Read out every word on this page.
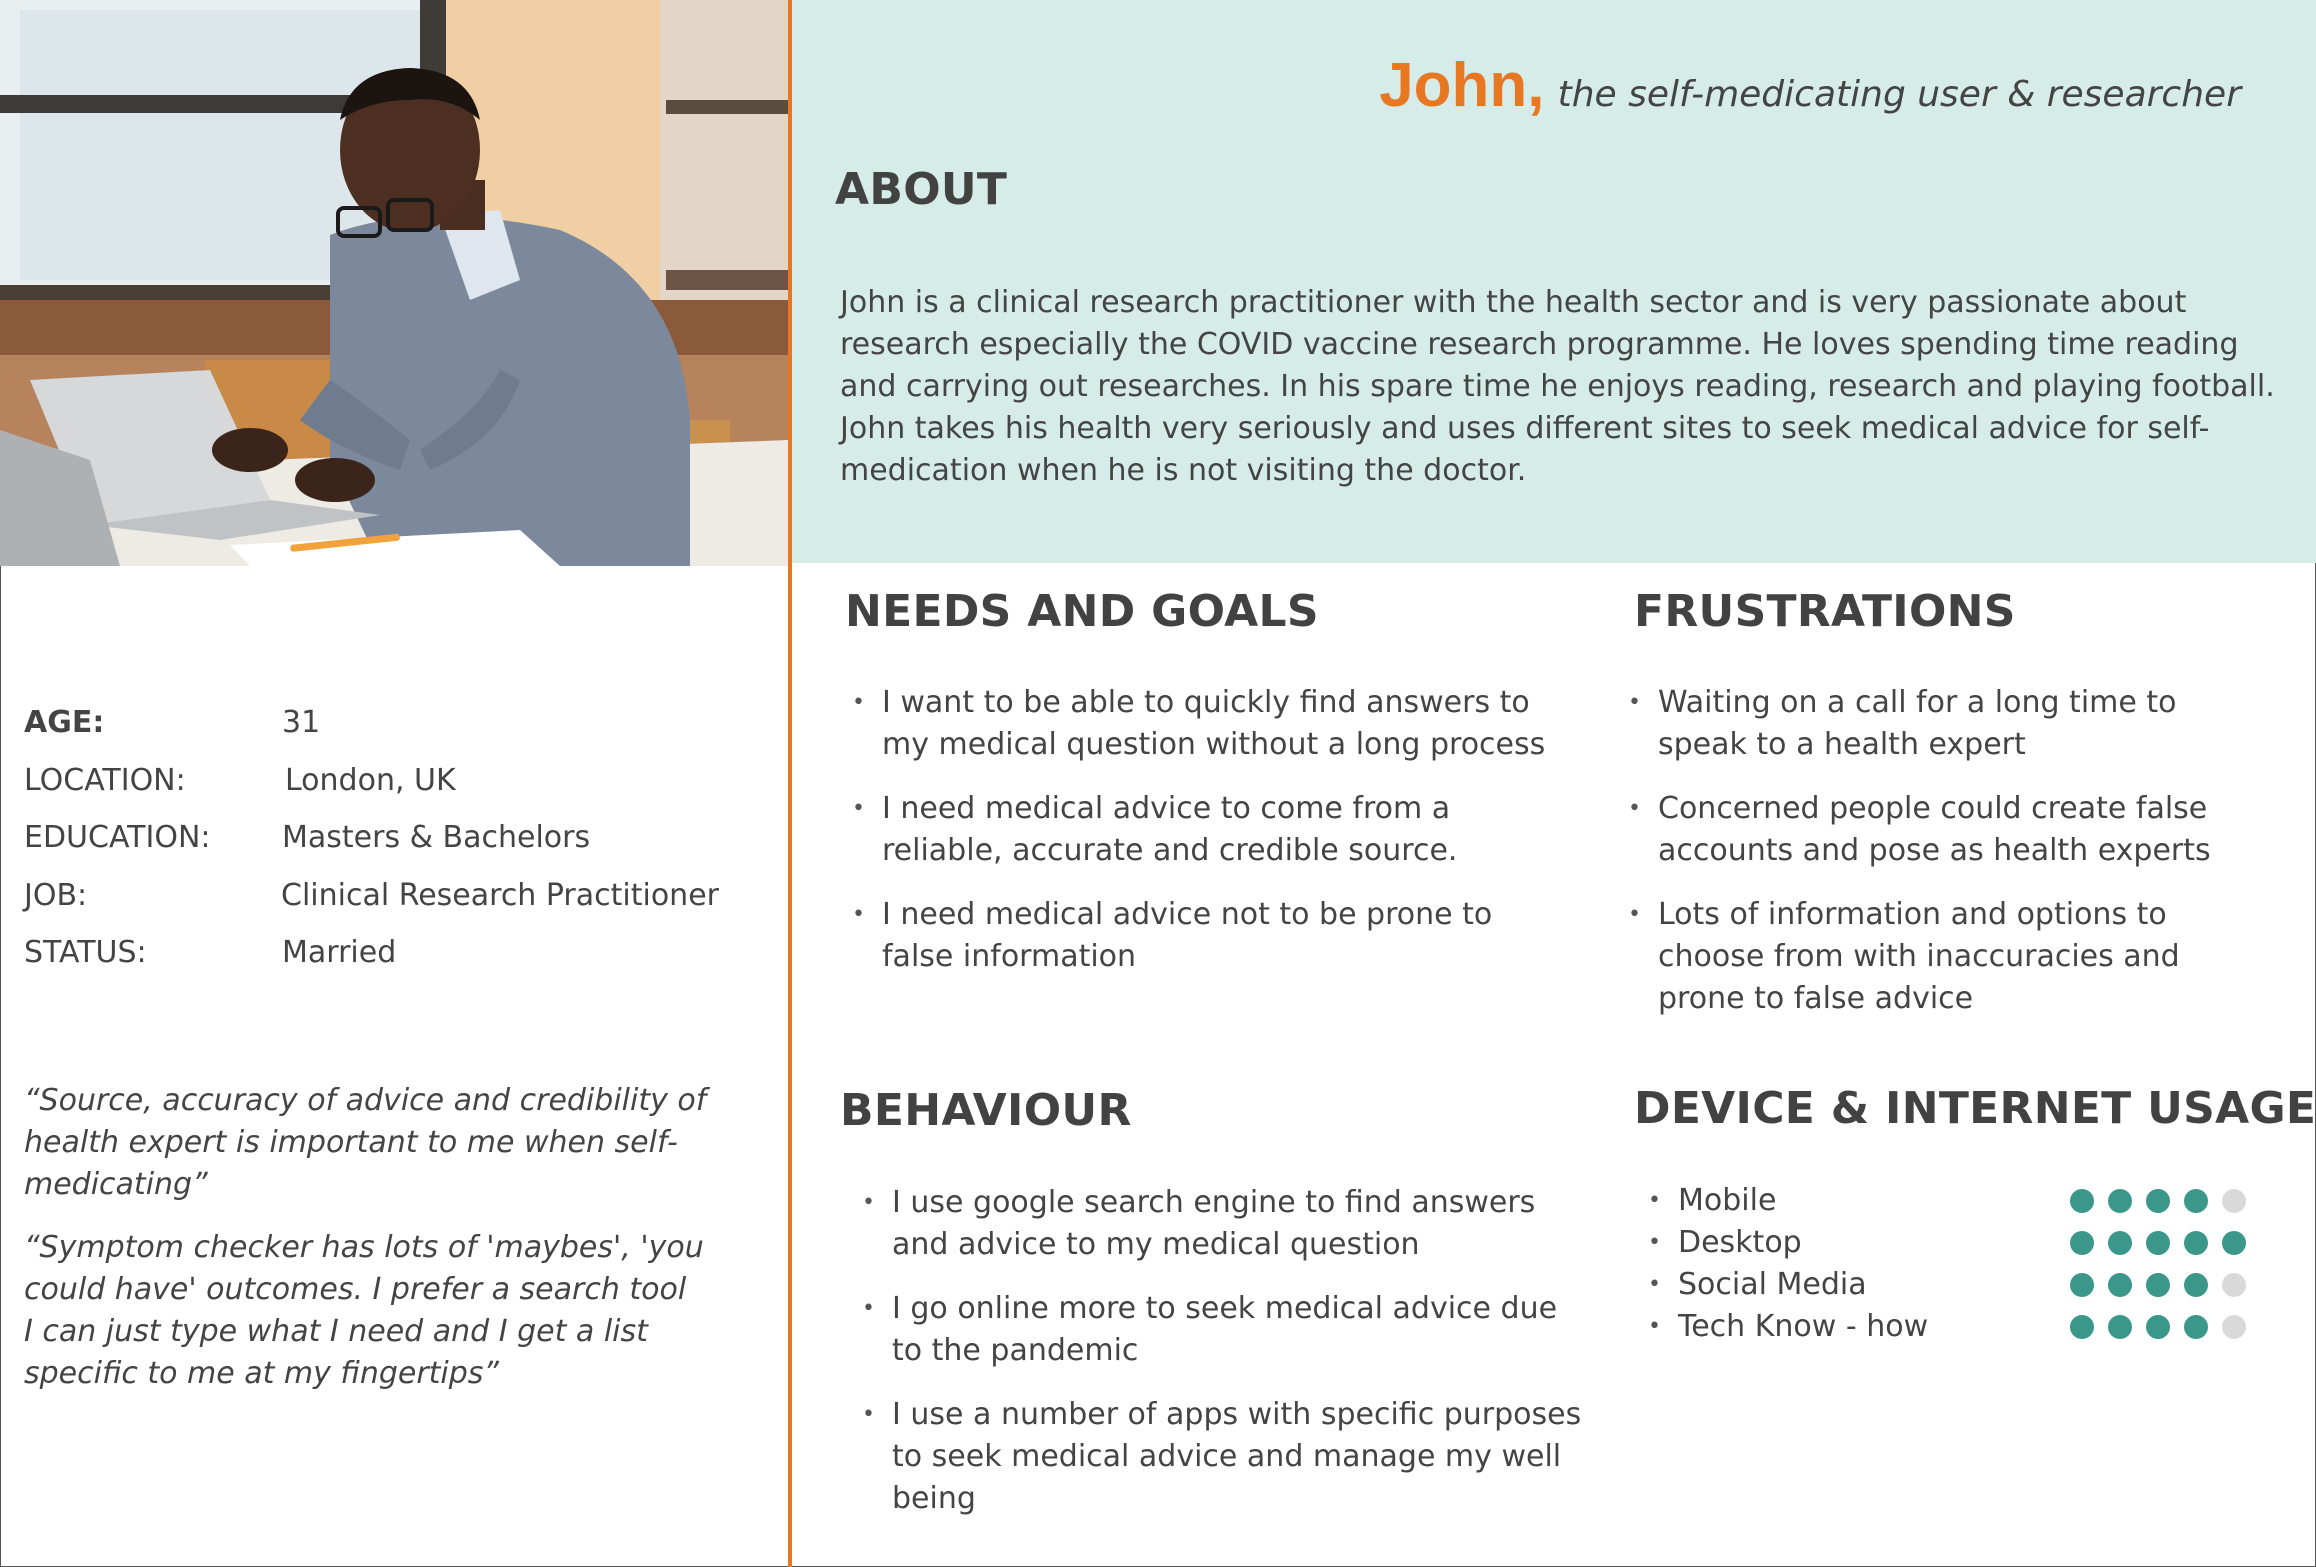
John, the self-medicating user & researcher
ABOUT

John is a clinical research practitioner with the health sector and is very passionate about research especially the COVID vaccine research programme. He loves spending time reading and carrying out researches. In his spare time he enjoys reading, research and playing football. John takes his health very seriously and uses different sites to seek medical advice for self-medication when he is not visiting the doctor.

AGE:	31
LOCATION:	London, UK
EDUCATION: Masters & Bachelors
JOB:	Clinical Research Practitioner
STATUS:	Married

“Source, accuracy of advice and credibility of health expert is important to me when self-medicating”

“Symptom checker has lots of 'maybes', 'you could have' outcomes. I prefer a search tool I can just type what I need and I get a list specific to me at my fingertips”

NEEDS AND GOALS
• I want to be able to quickly find answers to my medical question without a long process
• I need medical advice to come from a reliable, accurate and credible source.
• I need medical advice not to be prone to false information
FRUSTRATIONS
• Waiting on a call for a long time to speak to a health expert
• Concerned people could create false accounts and pose as health experts
• Lots of information and options to choose from with inaccuracies and prone to false advice
BEHAVIOUR
• I use google search engine to find answers and advice to my medical question
• I go online more to seek medical advice due to the pandemic
• I use a number of apps with specific purposes to seek medical advice and manage my well being
DEVICE & INTERNET USAGE
• Mobile
• Desktop
• Social Media
• Tech Know - how
